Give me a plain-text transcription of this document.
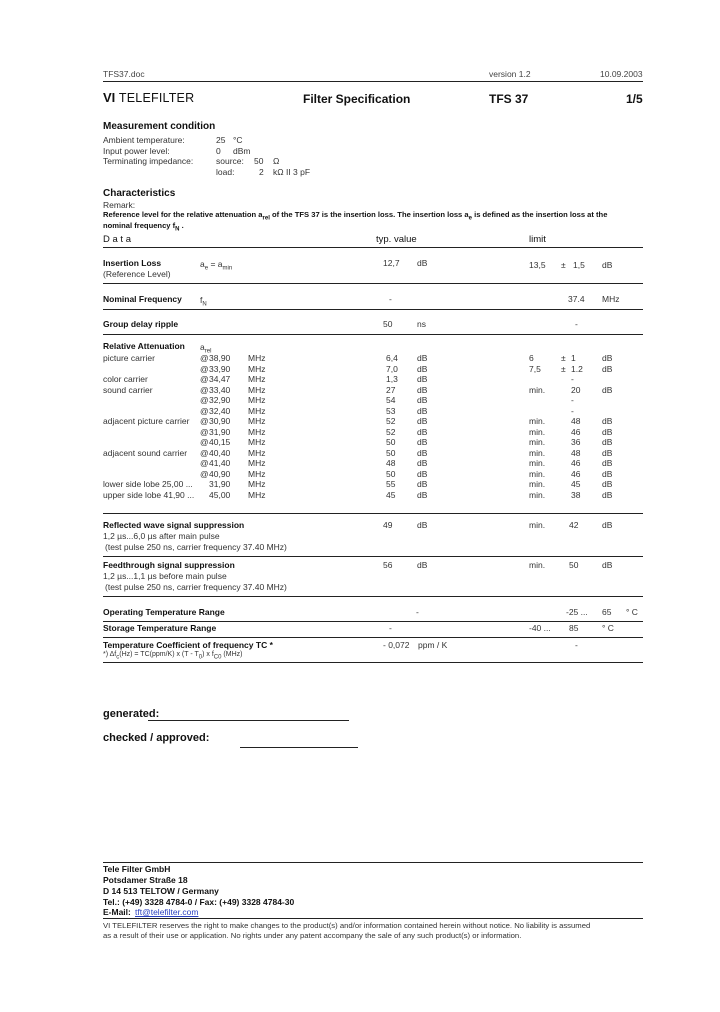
TFS37.doc	version 1.2	10.09.2003
VI TELEFILTER	Filter Specification	TFS 37	1/5
Measurement condition
Ambient temperature:	25 °C
Input power level:	0 dBm
Terminating impedance:	source: 50 Ω
load:	2 kΩ II 3 pF
Characteristics
Remark:
Reference level for the relative attenuation $a_{rel}$ of the TFS 37 is the insertion loss. The insertion loss $a_e$ is defined as the insertion loss at the
nominal frequency $f_N$ .
D a t a	typ. value	limit
Insertion Loss
(Reference Level)
$a_e = a_{min}$
12,7 dB	13,5 ± 1,5 dB
Nominal Frequency $f_N$
-	37.4 MHz
Group delay ripple	50	ns	-
Relative Attenuation $a_{rel}$
picture carrier	@ 38,90 MHz	6,4 dB	6	± 1	dB
@ 33,90 MHz	7,0 dB	7,5 ± 1.2 dB
color carrier	@ 34,47 MHz	1,3 dB	-
sound carrier	@ 33,40 MHz	27	dB	min.	20	dB
@ 32,90 MHz	54	dB	-
@ 32,40 MHz	53	dB	-
adjacent picture carrier @ 30,90 MHz	52	dB	min.	48	dB
@ 31,90 MHz	52	dB	min.	46	dB
@ 40,15 MHz	50	dB	min.	36	dB
adjacent sound carrier @ 40,40 MHz	50	dB	min.	48	dB
@ 41,40 MHz	48	dB	min.	46	dB
@ 40,90 MHz	50	dB	min.	46	dB
lower side lobe 25,00 ... 31,90 MHz	55	dB	min.	45	dB
upper side lobe 41,90 ... 45,00 MHz	45	dB	min.	38	dB
Reflected wave signal suppression
1,2 µs...6,0 µs after main pulse
(test pulse 250 ns, carrier frequency 37.40 MHz)
49	dB	min.	42	dB
Feedthrough signal suppression
1,2 µs...1,1 µs before main pulse
(test pulse 250 ns, carrier frequency 37.40 MHz)
56	dB	min.	50	dB
Operating Temperature Range	-	-25 ... 65 ° C
Storage Temperature Range	-	-40 ... 85	° C
Temperature Coefficient of frequency TC *	- 0,072 ppm / K	-
*) $\Delta f_c(Hz) = TC(ppm/K)$ x $(T - T_0)$ x $f_{C0}$ (MHz)
generated:
checked / approved:
Tele Filter GmbH
Potsdamer Straße 18
D 14 513 TELTOW / Germany
Tel.: (+49) 3328 4784-0 / Fax: (+49) 3328 4784-30
E-Mail: tft@telefilter.com
VI TELEFILTER reserves the right to make changes to the product(s) and/or information contained herein without notice. No liability is assumed
as a result of their use or application. No rights under any patent accompany the sale of any such product(s) or information.
